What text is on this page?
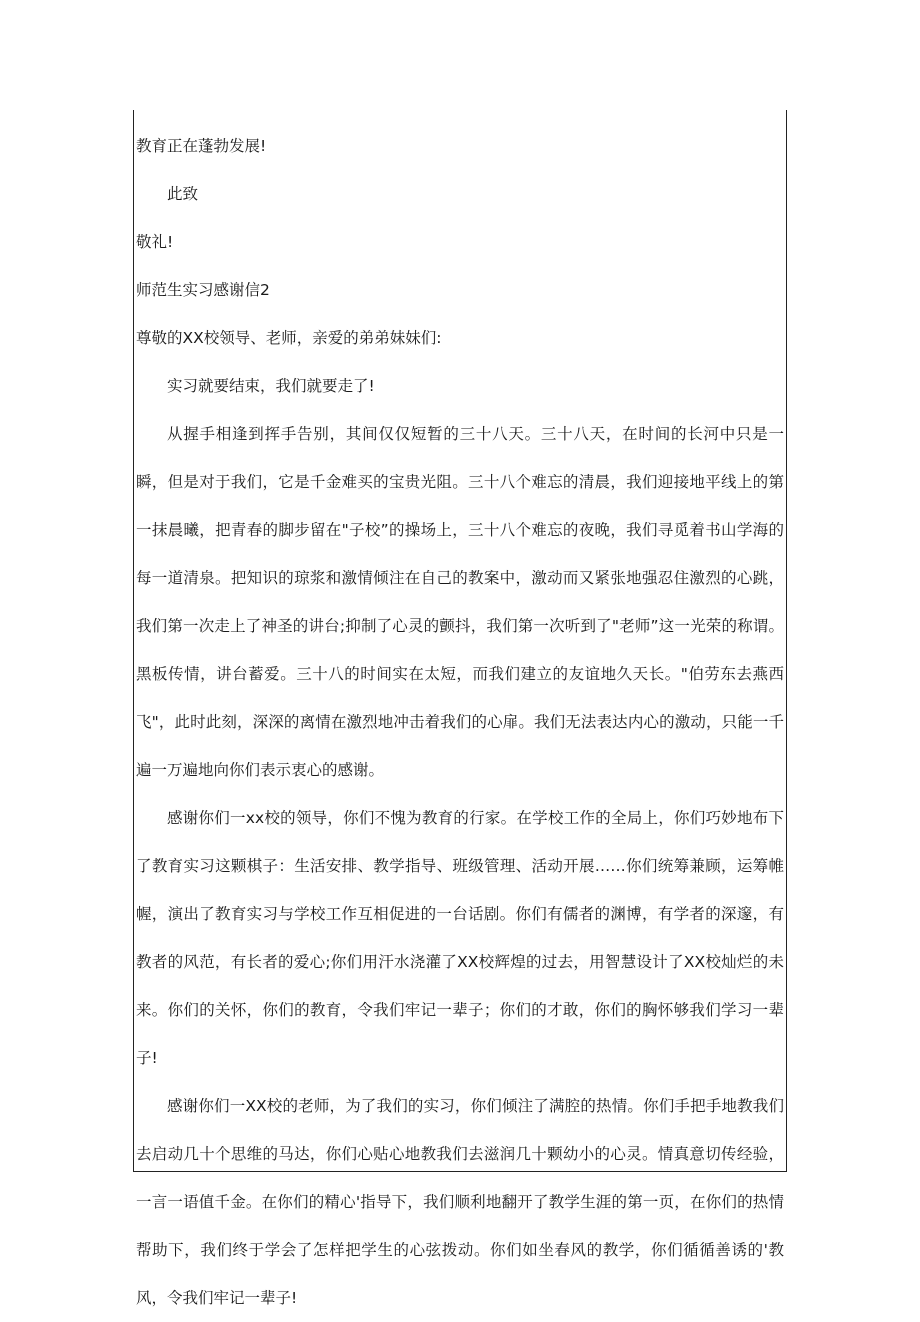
教育正在蓬勃发展!

此致

敬礼!

师范生实习感谢信2

尊敬的XX校领导、老师，亲爱的弟弟妹妹们:

实习就要结束，我们就要走了!

从握手相逢到挥手告别，其间仅仅短暂的三十八天。三十八天，在时间的长河中只是一瞬，但是对于我们，它是千金难买的宝贵光阻。三十八个难忘的清晨，我们迎接地平线上的第一抹晨曦，把青春的脚步留在"子校”的操场上，三十八个难忘的夜晚，我们寻觅着书山学海的每一道清泉。把知识的琼浆和激情倾注在自己的教案中，激动而又紧张地强忍住激烈的心跳，我们第一次走上了神圣的讲台;抑制了心灵的颤抖，我们第一次听到了"老师”这一光荣的称谓。黑板传情，讲台蓄爱。三十八的时间实在太短，而我们建立的友谊地久天长。"伯劳东去燕西飞"，此时此刻，深深的离情在激烈地冲击着我们的心扉。我们无法表达内心的激动，只能一千遍一万遍地向你们表示衷心的感谢。

感谢你们一xx校的领导，你们不愧为教育的行家。在学校工作的全局上，你们巧妙地布下了教育实习这颗棋子：生活安排、教学指导、班级管理、活动开展……你们统筹兼顾，运筹帷幄，演出了教育实习与学校工作互相促进的一台话剧。你们有儒者的渊博，有学者的深邃，有教者的风范，有长者的爱心;你们用汗水浇灌了XX校辉煌的过去，用智慧设计了XX校灿烂的未来。你们的关怀，你们的教育，令我们牢记一辈子；你们的才敢，你们的胸怀够我们学习一辈子!

感谢你们一XX校的老师，为了我们的实习，你们倾注了满腔的热情。你们手把手地教我们去启动几十个思维的马达，你们心贴心地教我们去滋润几十颗幼小的心灵。情真意切传经验，一言一语值千金。在你们的精心'指导下，我们顺利地翻开了教学生涯的第一页，在你们的热情帮助下，我们终于学会了怎样把学生的心弦拨动。你们如坐春风的教学，你们循循善诱的'教风，令我们牢记一辈子!
